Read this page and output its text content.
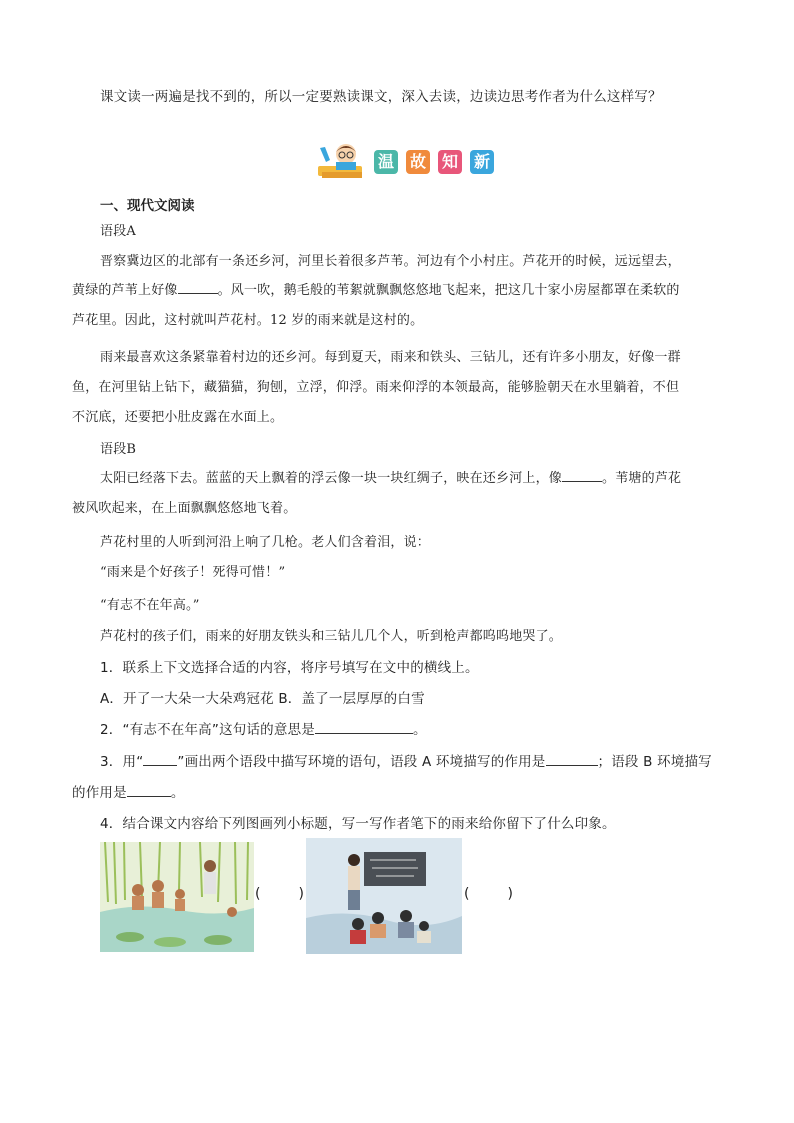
课文读一两遍是找不到的，所以一定要熟读课文，深入去读，边读边思考作者为什么这样写？
温 故 知 新
一、现代文阅读
语段A
晋察冀边区的北部有一条还乡河，河里长着很多芦苇。河边有个小村庄。芦花开的时候，远远望去，
黄绿的芦苇上好像	。风一吹，鹅毛般的苇絮就飘飘悠悠地飞起来，把这几十家小房屋都罩在柔软的
芦花里。因此，这村就叫芦花村。12 岁的雨来就是这村的。
雨来最喜欢这条紧靠着村边的还乡河。每到夏天，雨来和铁头、三钻儿，还有许多小朋友，好像一群
鱼，在河里钻上钻下，藏猫猫，狗刨，立浮，仰浮。雨来仰浮的本领最高，能够脸朝天在水里躺着，不但
不沉底，还要把小肚皮露在水面上。
语段B
太阳已经落下去。蓝蓝的天上飘着的浮云像一块一块红绸子，映在还乡河上，像	。苇塘的芦花
被风吹起来，在上面飘飘悠悠地飞着。
芦花村里的人听到河沿上响了几枪。老人们含着泪，说：
“雨来是个好孩子！死得可惜！”
“有志不在年高。”
芦花村的孩子们，雨来的好朋友铁头和三钻儿几个人，听到枪声都呜呜地哭了。
1．联系上下文选择合适的内容，将序号填写在文中的横线上。
A．开了一大朵一大朵鸡冠花 B．盖了一层厚厚的白雪
2．“有志不在年高”这句话的意思是	。
3．用“	”画出两个语段中描写环境的语句，语段 A 环境描写的作用是	；语段 B 环境描写
的作用是	。
4．结合课文内容给下列图画列小标题，写一写作者笔下的雨来给你留下了什么印象。
(	)	(	)
